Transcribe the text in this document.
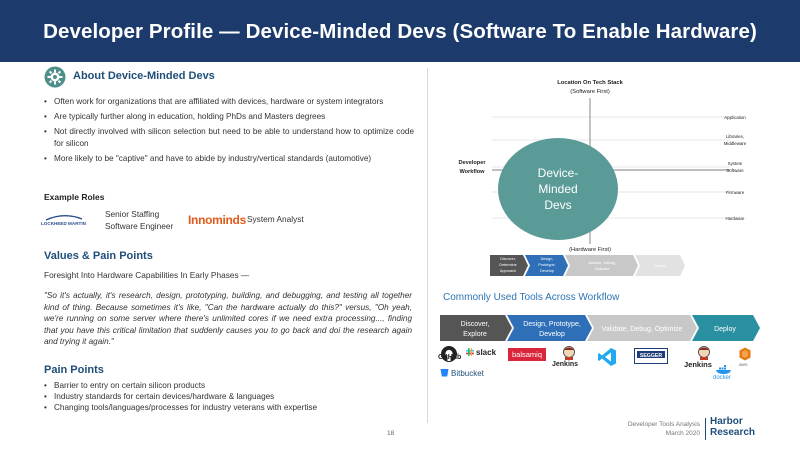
Developer Profile — Device-Minded Devs (Software To Enable Hardware)
About Device-Minded Devs
• Often work for organizations that are affiliated with devices, hardware or system integrators
• Are typically further along in education, holding PhDs and Masters degrees
• Not directly involved with silicon selection but need to be able to understand how to optimize code for silicon
• More likely to be "captive" and have to abide by industry/vertical standards (automotive)
Example Roles
LOCKHEED MARTIN
Senior Staffing
Software Engineer Innominds System Analyst
Values & Pain Points
Foresight Into Hardware Capabilities In Early Phases —
"So it's actually, it's research, design, prototyping, building, and debugging, and testing all together kind of thing. Because sometimes it's like, "Can the hardware actually do this?" versus, "Oh yeah, we're running on some server where there's unlimited cores if we need extra processing..., finding that you have this critical limitation that suddenly causes you to go back and doi the research again and trying it again."
Pain Points
• Barrier to entry on certain silicon products
• Industry standards for certain devices/hardware & languages
• Changing tools/languages/processes for industry veterans with expertise
Location On Tech Stack
(Software First)
Application
Libraries,
Middleware
System
Software
Firmware
Hardware
Developer
Workflow	Device-
Minded
Devs
(Hardware First)
Discover,
Determine
Approach
Design,
Prototype,
Develop
Validate, Debug,
Optimize
Deploy
Commonly Used Tools Across Workflow
Discover,
Explore
Design, Prototype,
Develop
Validate, Debug, Optimize	Deploy
GitHub
slack
Bitbucket
balsamiq
Jenkins
SEGGER
Jenkins
docker
AWS
18
Developer Tools Analysis
March 2020
Harbor
Research
